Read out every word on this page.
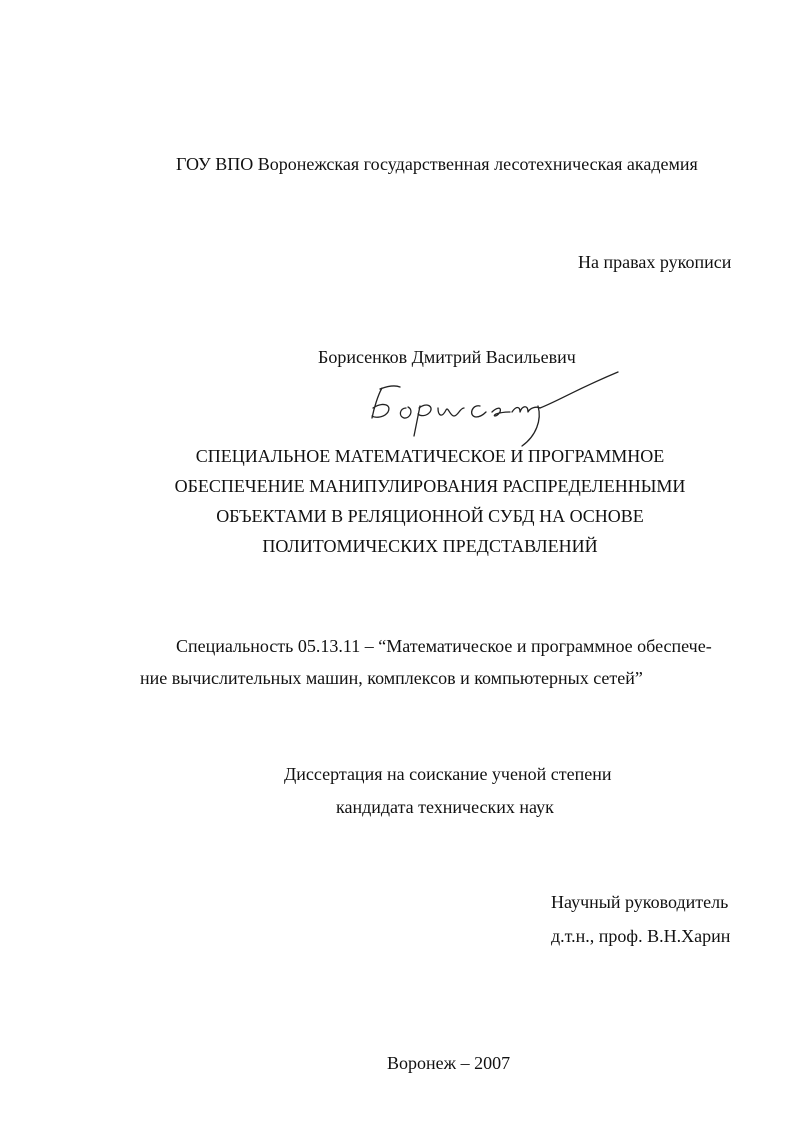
ГОУ ВПО Воронежская государственная лесотехническая академия
На правах рукописи
Борисенков Дмитрий Васильевич
СПЕЦИАЛЬНОЕ МАТЕМАТИЧЕСКОЕ И ПРОГРАММНОЕ
ОБЕСПЕЧЕНИЕ МАНИПУЛИРОВАНИЯ РАСПРЕДЕЛЕННЫМИ
ОБЪЕКТАМИ В РЕЛЯЦИОННОЙ СУБД НА ОСНОВЕ
ПОЛИТОМИЧЕСКИХ ПРЕДСТАВЛЕНИЙ
Специальность 05.13.11 – “Математическое и программное обеспече-
ние вычислительных машин, комплексов и компьютерных сетей”
Диссертация на соискание ученой степени
кандидата технических наук
Научный руководитель
д.т.н., проф. В.Н.Харин
Воронеж – 2007
